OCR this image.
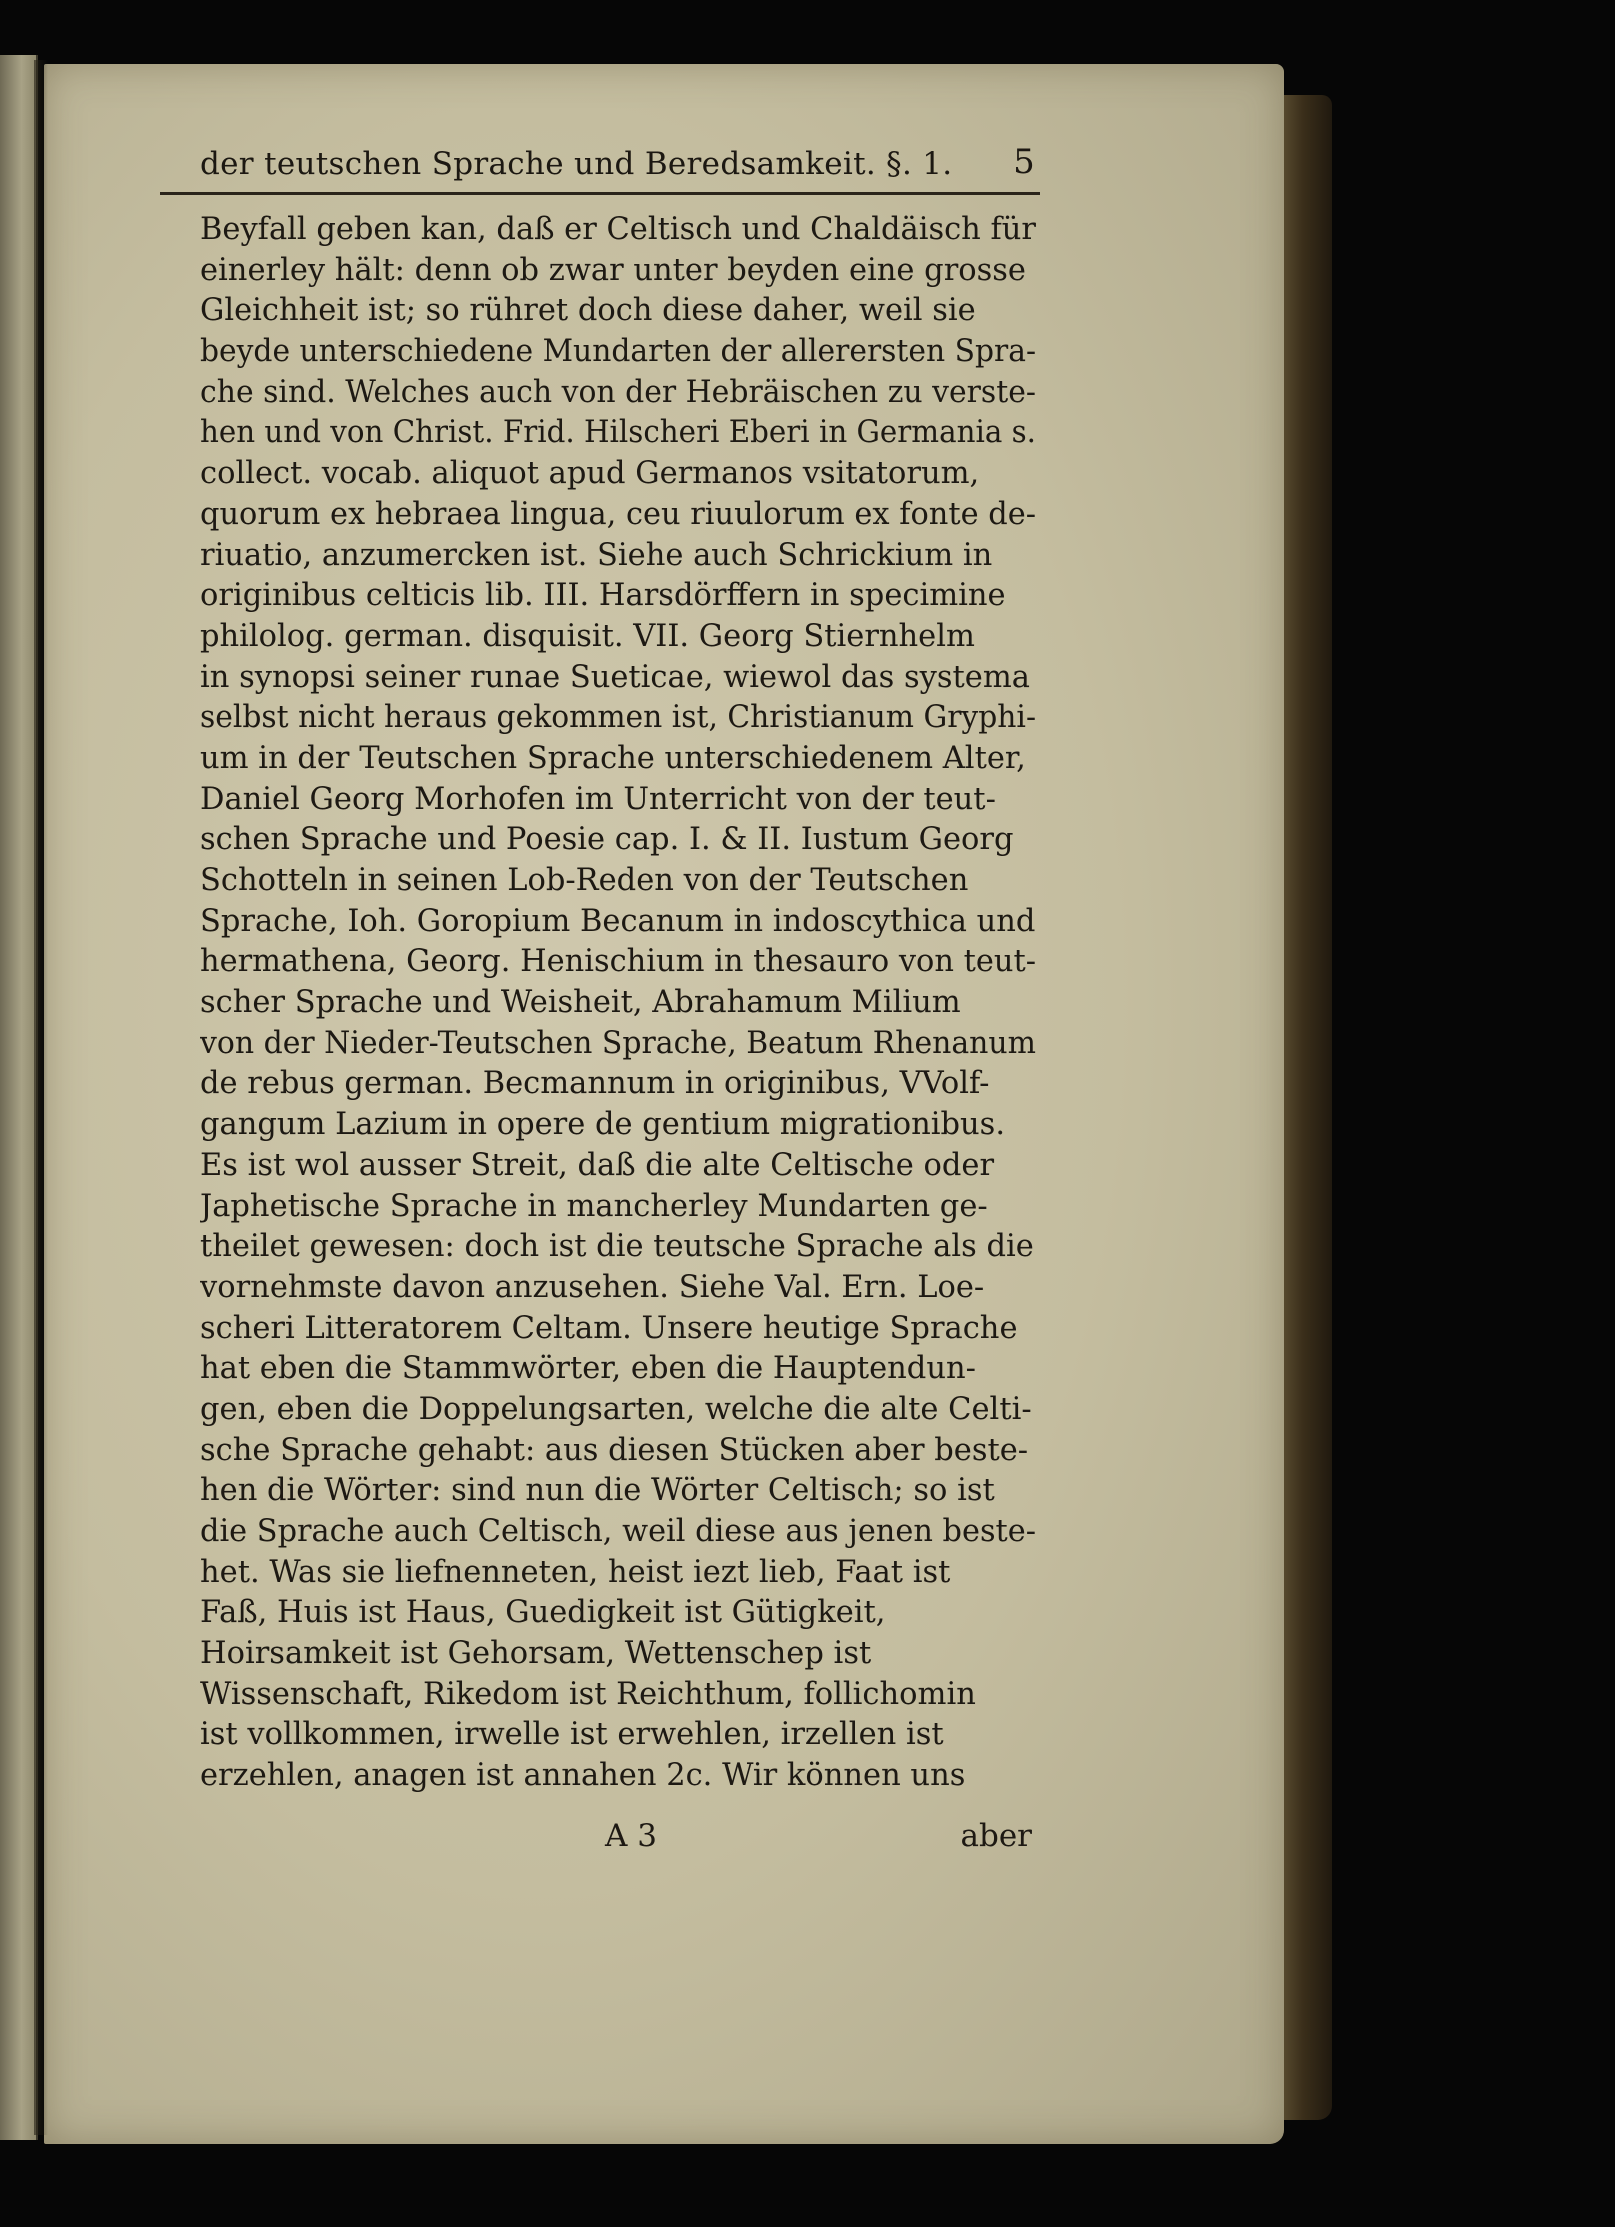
der teutschen Sprache und Beredsamkeit. §. 1. 5
Beyfall geben kan, daß er Celtisch und Chaldäisch für
einerley hält: denn ob zwar unter beyden eine grosse
Gleichheit ist; so rühret doch diese daher, weil sie
beyde unterschiedene Mundarten der allerersten Spra-
che sind. Welches auch von der Hebräischen zu verste-
hen und von Christ. Frid. Hilscheri Eberi in Germania s.
collect. vocab. aliquot apud Germanos vsitatorum,
quorum ex hebraea lingua, ceu riuulorum ex fonte de-
riuatio, anzumercken ist. Siehe auch Schrickium in
originibus celticis lib. III. Harsdörffern in specimine
philolog. german. disquisit. VII. Georg Stiernhelm
in synopsi seiner runae Sueticae, wiewol das systema
selbst nicht heraus gekommen ist, Christianum Gryphi-
um in der Teutschen Sprache unterschiedenem Alter,
Daniel Georg Morhofen im Unterricht von der teut-
schen Sprache und Poesie cap. I. & II. Iustum Georg
Schotteln in seinen Lob-Reden von der Teutschen
Sprache, Ioh. Goropium Becanum in indoscythica und
hermathena, Georg. Henischium in thesauro von teut-
scher Sprache und Weisheit, Abrahamum Milium
von der Nieder-Teutschen Sprache, Beatum Rhenanum
de rebus german. Becmannum in originibus, VVolf-
gangum Lazium in opere de gentium migrationibus.
Es ist wol ausser Streit, daß die alte Celtische oder
Japhetische Sprache in mancherley Mundarten ge-
theilet gewesen: doch ist die teutsche Sprache als die
vornehmste davon anzusehen. Siehe Val. Ern. Loe-
scheri Litteratorem Celtam. Unsere heutige Sprache
hat eben die Stammwörter, eben die Hauptendun-
gen, eben die Doppelungsarten, welche die alte Celti-
sche Sprache gehabt: aus diesen Stücken aber beste-
hen die Wörter: sind nun die Wörter Celtisch; so ist
die Sprache auch Celtisch, weil diese aus jenen beste-
het. Was sie liefnenneten, heist iezt lieb, Faat ist
Faß, Huis ist Haus, Guedigkeit ist Gütigkeit,
Hoirsamkeit ist Gehorsam, Wettenschep ist
Wissenschaft, Rikedom ist Reichthum, follichomin
ist vollkommen, irwelle ist erwehlen, irzellen ist
erzehlen, anagen ist annahen 2c. Wir können uns
A 3	aber
